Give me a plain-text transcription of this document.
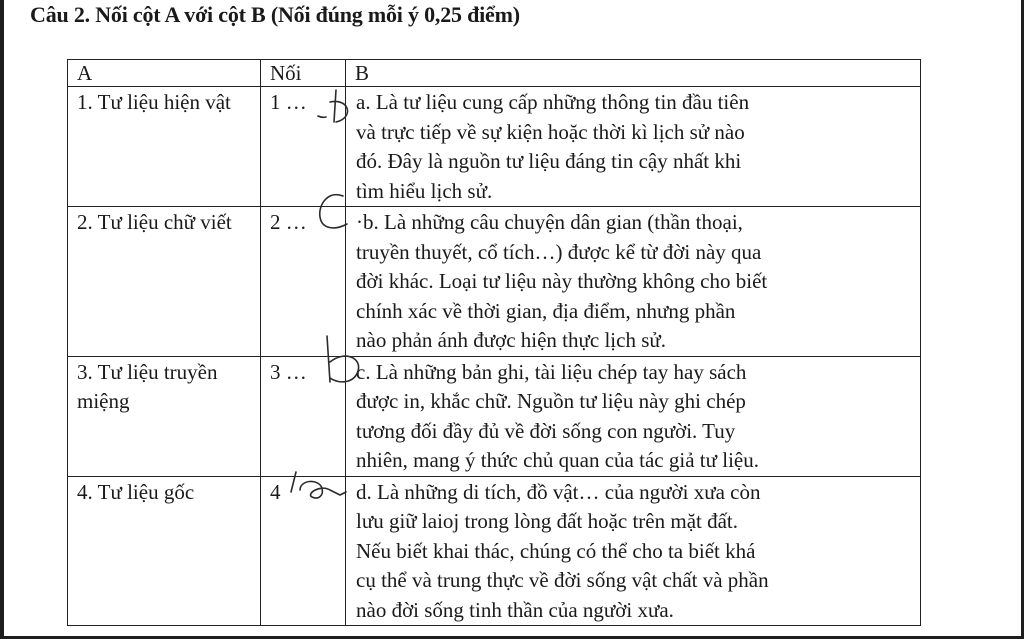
Câu 2. Nối cột A với cột B (Nối đúng mỗi ý 0,25 điểm)
A	Nối	B
1. Tư liệu hiện vật	1 …	a. Là tư liệu cung cấp những thông tin đầu tiên
và trực tiếp về sự kiện hoặc thời kì lịch sử nào
đó. Đây là nguồn tư liệu đáng tin cậy nhất khi
tìm hiểu lịch sử.
2. Tư liệu chữ viết	2 …	·b. Là những câu chuyện dân gian (thần thoại,
truyền thuyết, cổ tích…) được kể từ đời này qua
đời khác. Loại tư liệu này thường không cho biết
chính xác về thời gian, địa điểm, nhưng phần
nào phản ánh được hiện thực lịch sử.
3. Tư liệu truyền miệng	3 …	c. Là những bản ghi, tài liệu chép tay hay sách
được in, khắc chữ. Nguồn tư liệu này ghi chép
tương đối đầy đủ về đời sống con người. Tuy
nhiên, mang ý thức chủ quan của tác giả tư liệu.
4. Tư liệu gốc	4	d. Là những di tích, đồ vật… của người xưa còn
lưu giữ laioj trong lòng đất hoặc trên mặt đất.
Nếu biết khai thác, chúng có thể cho ta biết khá
cụ thể và trung thực về đời sống vật chất và phần
nào đời sống tinh thần của người xưa.
